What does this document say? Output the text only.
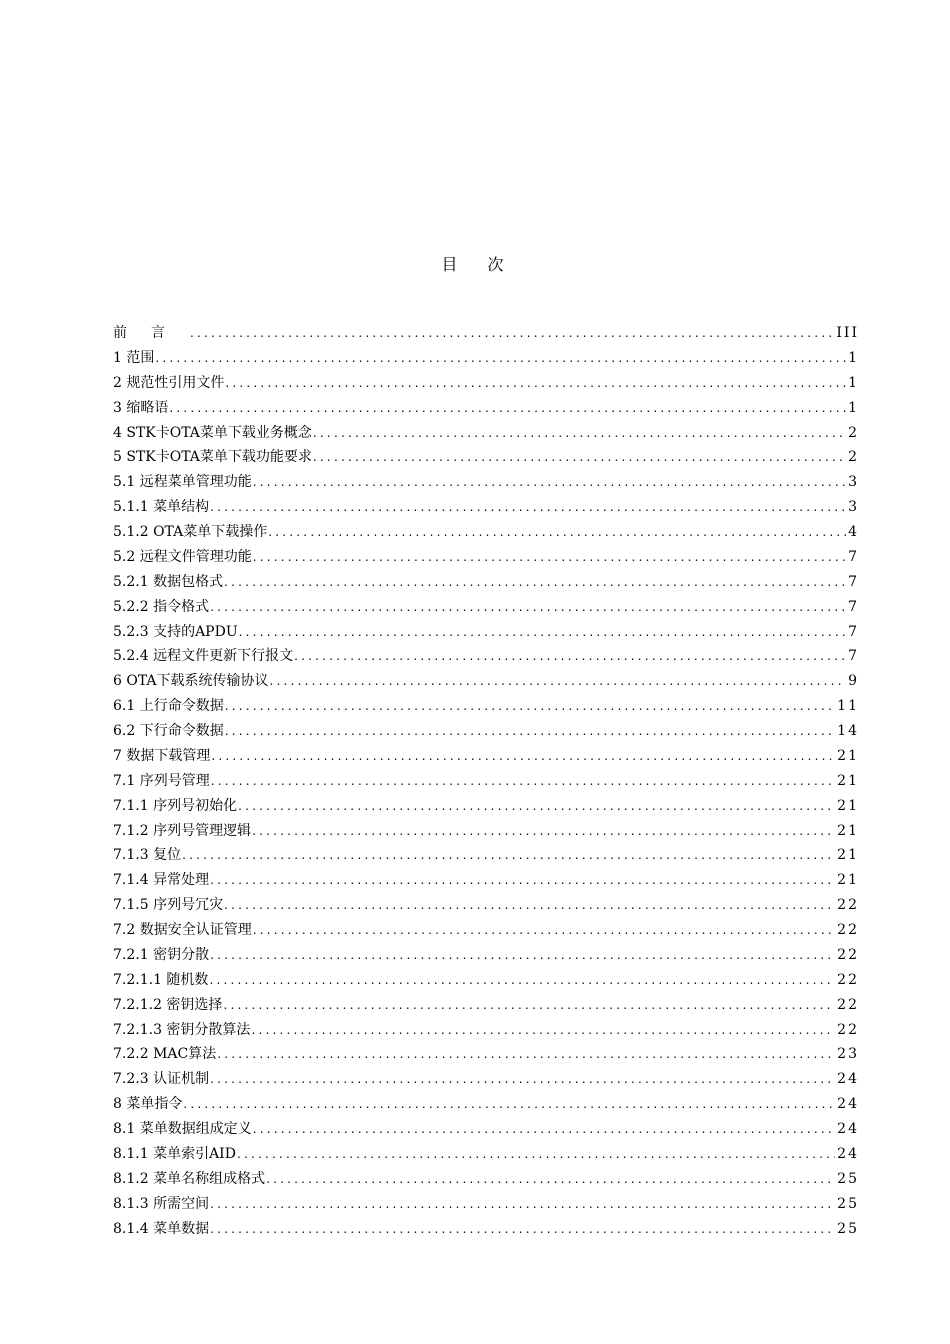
目次
前言 .....	III
1 范围 .....	1
2 规范性引用文件 .....	1
3 缩略语 .....	1
4 STK卡OTA菜单下载业务概念 .....	2
5 STK卡OTA菜单下载功能要求 .....	2
5.1 远程菜单管理功能 .....	3
5.1.1 菜单结构 .....	3
5.1.2 OTA菜单下载操作 .....	4
5.2 远程文件管理功能 .....	7
5.2.1 数据包格式 .....	7
5.2.2 指令格式 .....	7
5.2.3 支持的APDU .....	7
5.2.4 远程文件更新下行报文 .....	7
6 OTA下载系统传输协议 .....	9
6.1 上行命令数据 .....	11
6.2 下行命令数据 .....	14
7 数据下载管理 .....	21
7.1 序列号管理 .....	21
7.1.1 序列号初始化 .....	21
7.1.2 序列号管理逻辑 .....	21
7.1.3 复位 .....	21
7.1.4 异常处理 .....	21
7.1.5 序列号冗灾 .....	22
7.2 数据安全认证管理 .....	22
7.2.1 密钥分散 .....	22
7.2.1.1 随机数 .....	22
7.2.1.2 密钥选择 .....	22
7.2.1.3 密钥分散算法 .....	22
7.2.2 MAC算法 .....	23
7.2.3 认证机制 .....	24
8 菜单指令 .....	24
8.1 菜单数据组成定义 .....	24
8.1.1 菜单索引AID .....	24
8.1.2 菜单名称组成格式 .....	25
8.1.3 所需空间 .....	25
8.1.4 菜单数据 .....	25
